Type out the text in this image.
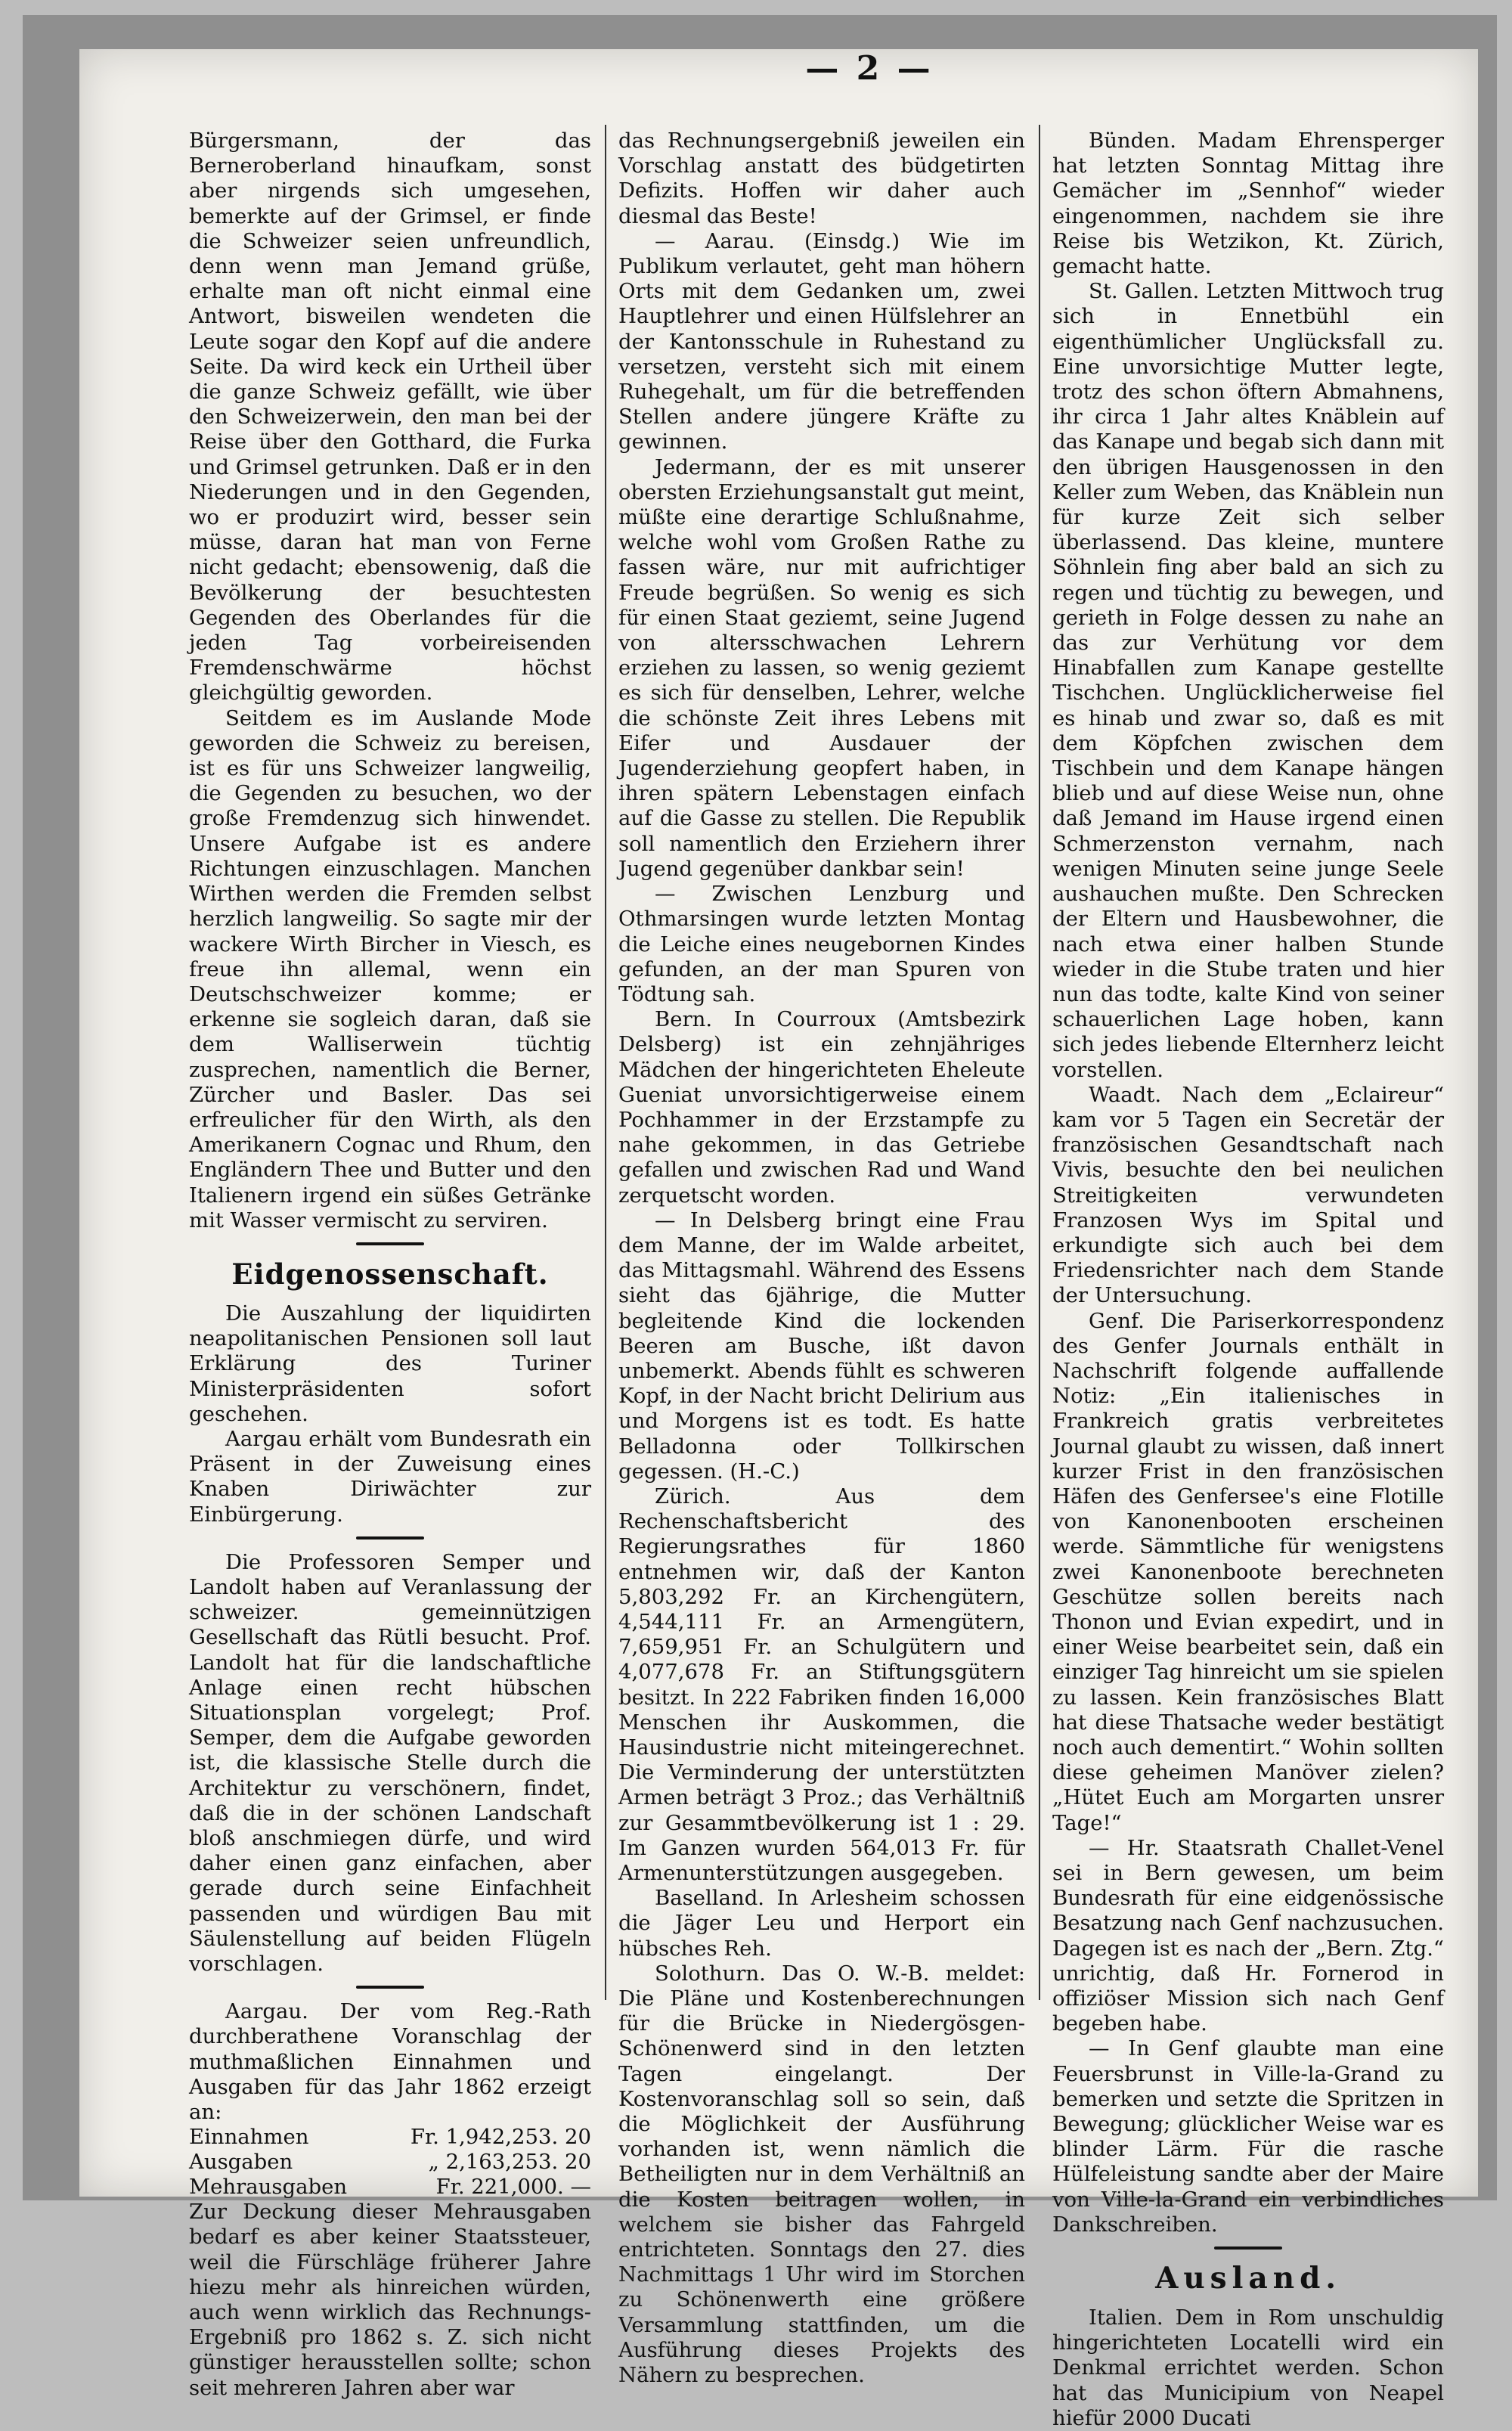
— 2 —

Bürgersmann, der das Berneroberland hinaufkam, sonst aber nirgends sich umgesehen, bemerkte auf der Grimsel, er finde die Schweizer seien unfreundlich, denn wenn man Jemand grüße, erhalte man oft nicht einmal eine Antwort, bisweilen wendeten die Leute sogar den Kopf auf die andere Seite. Da wird keck ein Urtheil über die ganze Schweiz gefällt, wie über den Schweizerwein, den man bei der Reise über den Gotthard, die Furka und Grimsel getrunken. Daß er in den Niederungen und in den Gegenden, wo er produzirt wird, besser sein müsse, daran hat man von Ferne nicht gedacht; ebensowenig, daß die Bevölkerung der besuchtesten Gegenden des Oberlandes für die jeden Tag vorbeireisenden Fremdenschwärme höchst gleichgültig geworden.

Seitdem es im Auslande Mode geworden die Schweiz zu bereisen, ist es für uns Schweizer langweilig, die Gegenden zu besuchen, wo der große Fremdenzug sich hinwendet. Unsere Aufgabe ist es andere Richtungen einzuschlagen. Manchen Wirthen werden die Fremden selbst herzlich langweilig. So sagte mir der wackere Wirth Bircher in Viesch, es freue ihn allemal, wenn ein Deutschschweizer komme; er erkenne sie sogleich daran, daß sie dem Walliserwein tüchtig zusprechen, namentlich die Berner, Zürcher und Basler. Das sei erfreulicher für den Wirth, als den Amerikanern Cognac und Rhum, den Engländern Thee und Butter und den Italienern irgend ein süßes Getränke mit Wasser vermischt zu serviren.

Eidgenossenschaft.

Die Auszahlung der liquidirten neapolitanischen Pensionen soll laut Erklärung des Turiner Ministerpräsidenten sofort geschehen.

Aargau erhält vom Bundesrath ein Präsent in der Zuweisung eines Knaben Diriwächter zur Einbürgerung.

Die Professoren Semper und Landolt haben auf Veranlassung der schweizer. gemeinnützigen Gesellschaft das Rütli besucht. Prof. Landolt hat für die landschaftliche Anlage einen recht hübschen Situationsplan vorgelegt; Prof. Semper, dem die Aufgabe geworden ist, die klassische Stelle durch die Architektur zu verschönern, findet, daß die in der schönen Landschaft bloß anschmiegen dürfe, und wird daher einen ganz einfachen, aber gerade durch seine Einfachheit passenden und würdigen Bau mit Säulenstellung auf beiden Flügeln vorschlagen.

Aargau. Der vom Reg.-Rath durchberathene Voranschlag der muthmaßlichen Einnahmen und Ausgaben für das Jahr 1862 erzeigt an:

Einnahmen	Fr. 1,942,253. 20
Ausgaben	„ 2,163,253. 20
Mehrausgaben	Fr. 221,000. —

Zur Deckung dieser Mehrausgaben bedarf es aber keiner Staatssteuer, weil die Fürschläge früherer Jahre hiezu mehr als hinreichen würden, auch wenn wirklich das Rechnungs-Ergebniß pro 1862 s. Z. sich nicht günstiger herausstellen sollte; schon seit mehreren Jahren aber war

das Rechnungsergebniß jeweilen ein Vorschlag anstatt des büdgetirten Defizits. Hoffen wir daher auch diesmal das Beste!

— Aarau. (Einsdg.) Wie im Publikum verlautet, geht man höhern Orts mit dem Gedanken um, zwei Hauptlehrer und einen Hülfslehrer an der Kantonsschule in Ruhestand zu versetzen, versteht sich mit einem Ruhegehalt, um für die betreffenden Stellen andere jüngere Kräfte zu gewinnen.

Jedermann, der es mit unserer obersten Erziehungsanstalt gut meint, müßte eine derartige Schlußnahme, welche wohl vom Großen Rathe zu fassen wäre, nur mit aufrichtiger Freude begrüßen. So wenig es sich für einen Staat geziemt, seine Jugend von altersschwachen Lehrern erziehen zu lassen, so wenig geziemt es sich für denselben, Lehrer, welche die schönste Zeit ihres Lebens mit Eifer und Ausdauer der Jugenderziehung geopfert haben, in ihren spätern Lebenstagen einfach auf die Gasse zu stellen. Die Republik soll namentlich den Erziehern ihrer Jugend gegenüber dankbar sein!

— Zwischen Lenzburg und Othmarsingen wurde letzten Montag die Leiche eines neugebornen Kindes gefunden, an der man Spuren von Tödtung sah.

Bern. In Courroux (Amtsbezirk Delsberg) ist ein zehnjähriges Mädchen der hingerichteten Eheleute Gueniat unvorsichtigerweise einem Pochhammer in der Erzstampfe zu nahe gekommen, in das Getriebe gefallen und zwischen Rad und Wand zerquetscht worden.

— In Delsberg bringt eine Frau dem Manne, der im Walde arbeitet, das Mittagsmahl. Während des Essens sieht das 6jährige, die Mutter begleitende Kind die lockenden Beeren am Busche, ißt davon unbemerkt. Abends fühlt es schweren Kopf, in der Nacht bricht Delirium aus und Morgens ist es todt. Es hatte Belladonna oder Tollkirschen gegessen. (H.-C.)

Zürich. Aus dem Rechenschaftsbericht des Regierungsrathes für 1860 entnehmen wir, daß der Kanton 5,803,292 Fr. an Kirchengütern, 4,544,111 Fr. an Armengütern, 7,659,951 Fr. an Schulgütern und 4,077,678 Fr. an Stiftungsgütern besitzt. In 222 Fabriken finden 16,000 Menschen ihr Auskommen, die Hausindustrie nicht miteingerechnet. Die Verminderung der unterstützten Armen beträgt 3 Proz.; das Verhältniß zur Gesammtbevölkerung ist 1 : 29. Im Ganzen wurden 564,013 Fr. für Armenunterstützungen ausgegeben.

Baselland. In Arlesheim schossen die Jäger Leu und Herport ein hübsches Reh.

Solothurn. Das O. W.-B. meldet: Die Pläne und Kostenberechnungen für die Brücke in Niedergösgen-Schönenwerd sind in den letzten Tagen eingelangt. Der Kostenvoranschlag soll so sein, daß die Möglichkeit der Ausführung vorhanden ist, wenn nämlich die Betheiligten nur in dem Verhältniß an die Kosten beitragen wollen, in welchem sie bisher das Fahrgeld entrichteten. Sonntags den 27. dies Nachmittags 1 Uhr wird im Storchen zu Schönenwerth eine größere Versammlung stattfinden, um die Ausführung dieses Projekts des Nähern zu besprechen.

Bünden. Madam Ehrensperger hat letzten Sonntag Mittag ihre Gemächer im „Sennhof“ wieder eingenommen, nachdem sie ihre Reise bis Wetzikon, Kt. Zürich, gemacht hatte.

St. Gallen. Letzten Mittwoch trug sich in Ennetbühl ein eigenthümlicher Unglücksfall zu. Eine unvorsichtige Mutter legte, trotz des schon öftern Abmahnens, ihr circa 1 Jahr altes Knäblein auf das Kanape und begab sich dann mit den übrigen Hausgenossen in den Keller zum Weben, das Knäblein nun für kurze Zeit sich selber überlassend. Das kleine, muntere Söhnlein fing aber bald an sich zu regen und tüchtig zu bewegen, und gerieth in Folge dessen zu nahe an das zur Verhütung vor dem Hinabfallen zum Kanape gestellte Tischchen. Unglücklicherweise fiel es hinab und zwar so, daß es mit dem Köpfchen zwischen dem Tischbein und dem Kanape hängen blieb und auf diese Weise nun, ohne daß Jemand im Hause irgend einen Schmerzenston vernahm, nach wenigen Minuten seine junge Seele aushauchen mußte. Den Schrecken der Eltern und Hausbewohner, die nach etwa einer halben Stunde wieder in die Stube traten und hier nun das todte, kalte Kind von seiner schauerlichen Lage hoben, kann sich jedes liebende Elternherz leicht vorstellen.

Waadt. Nach dem „Eclaireur“ kam vor 5 Tagen ein Secretär der französischen Gesandtschaft nach Vivis, besuchte den bei neulichen Streitigkeiten verwundeten Franzosen Wys im Spital und erkundigte sich auch bei dem Friedensrichter nach dem Stande der Untersuchung.

Genf. Die Pariserkorrespondenz des Genfer Journals enthält in Nachschrift folgende auffallende Notiz: „Ein italienisches in Frankreich gratis verbreitetes Journal glaubt zu wissen, daß innert kurzer Frist in den französischen Häfen des Genfersee's eine Flotille von Kanonenbooten erscheinen werde. Sämmtliche für wenigstens zwei Kanonenboote berechneten Geschütze sollen bereits nach Thonon und Evian expedirt, und in einer Weise bearbeitet sein, daß ein einziger Tag hinreicht um sie spielen zu lassen. Kein französisches Blatt hat diese Thatsache weder bestätigt noch auch dementirt.“ Wohin sollten diese geheimen Manöver zielen? „Hütet Euch am Morgarten unsrer Tage!“

— Hr. Staatsrath Challet-Venel sei in Bern gewesen, um beim Bundesrath für eine eidgenössische Besatzung nach Genf nachzusuchen. Dagegen ist es nach der „Bern. Ztg.“ unrichtig, daß Hr. Fornerod in offiziöser Mission sich nach Genf begeben habe.

— In Genf glaubte man eine Feuersbrunst in Ville-la-Grand zu bemerken und setzte die Spritzen in Bewegung; glücklicher Weise war es blinder Lärm. Für die rasche Hülfeleistung sandte aber der Maire von Ville-la-Grand ein verbindliches Dankschreiben.

Ausland.

Italien. Dem in Rom unschuldig hingerichteten Locatelli wird ein Denkmal errichtet werden. Schon hat das Municipium von Neapel hiefür 2000 Ducati
